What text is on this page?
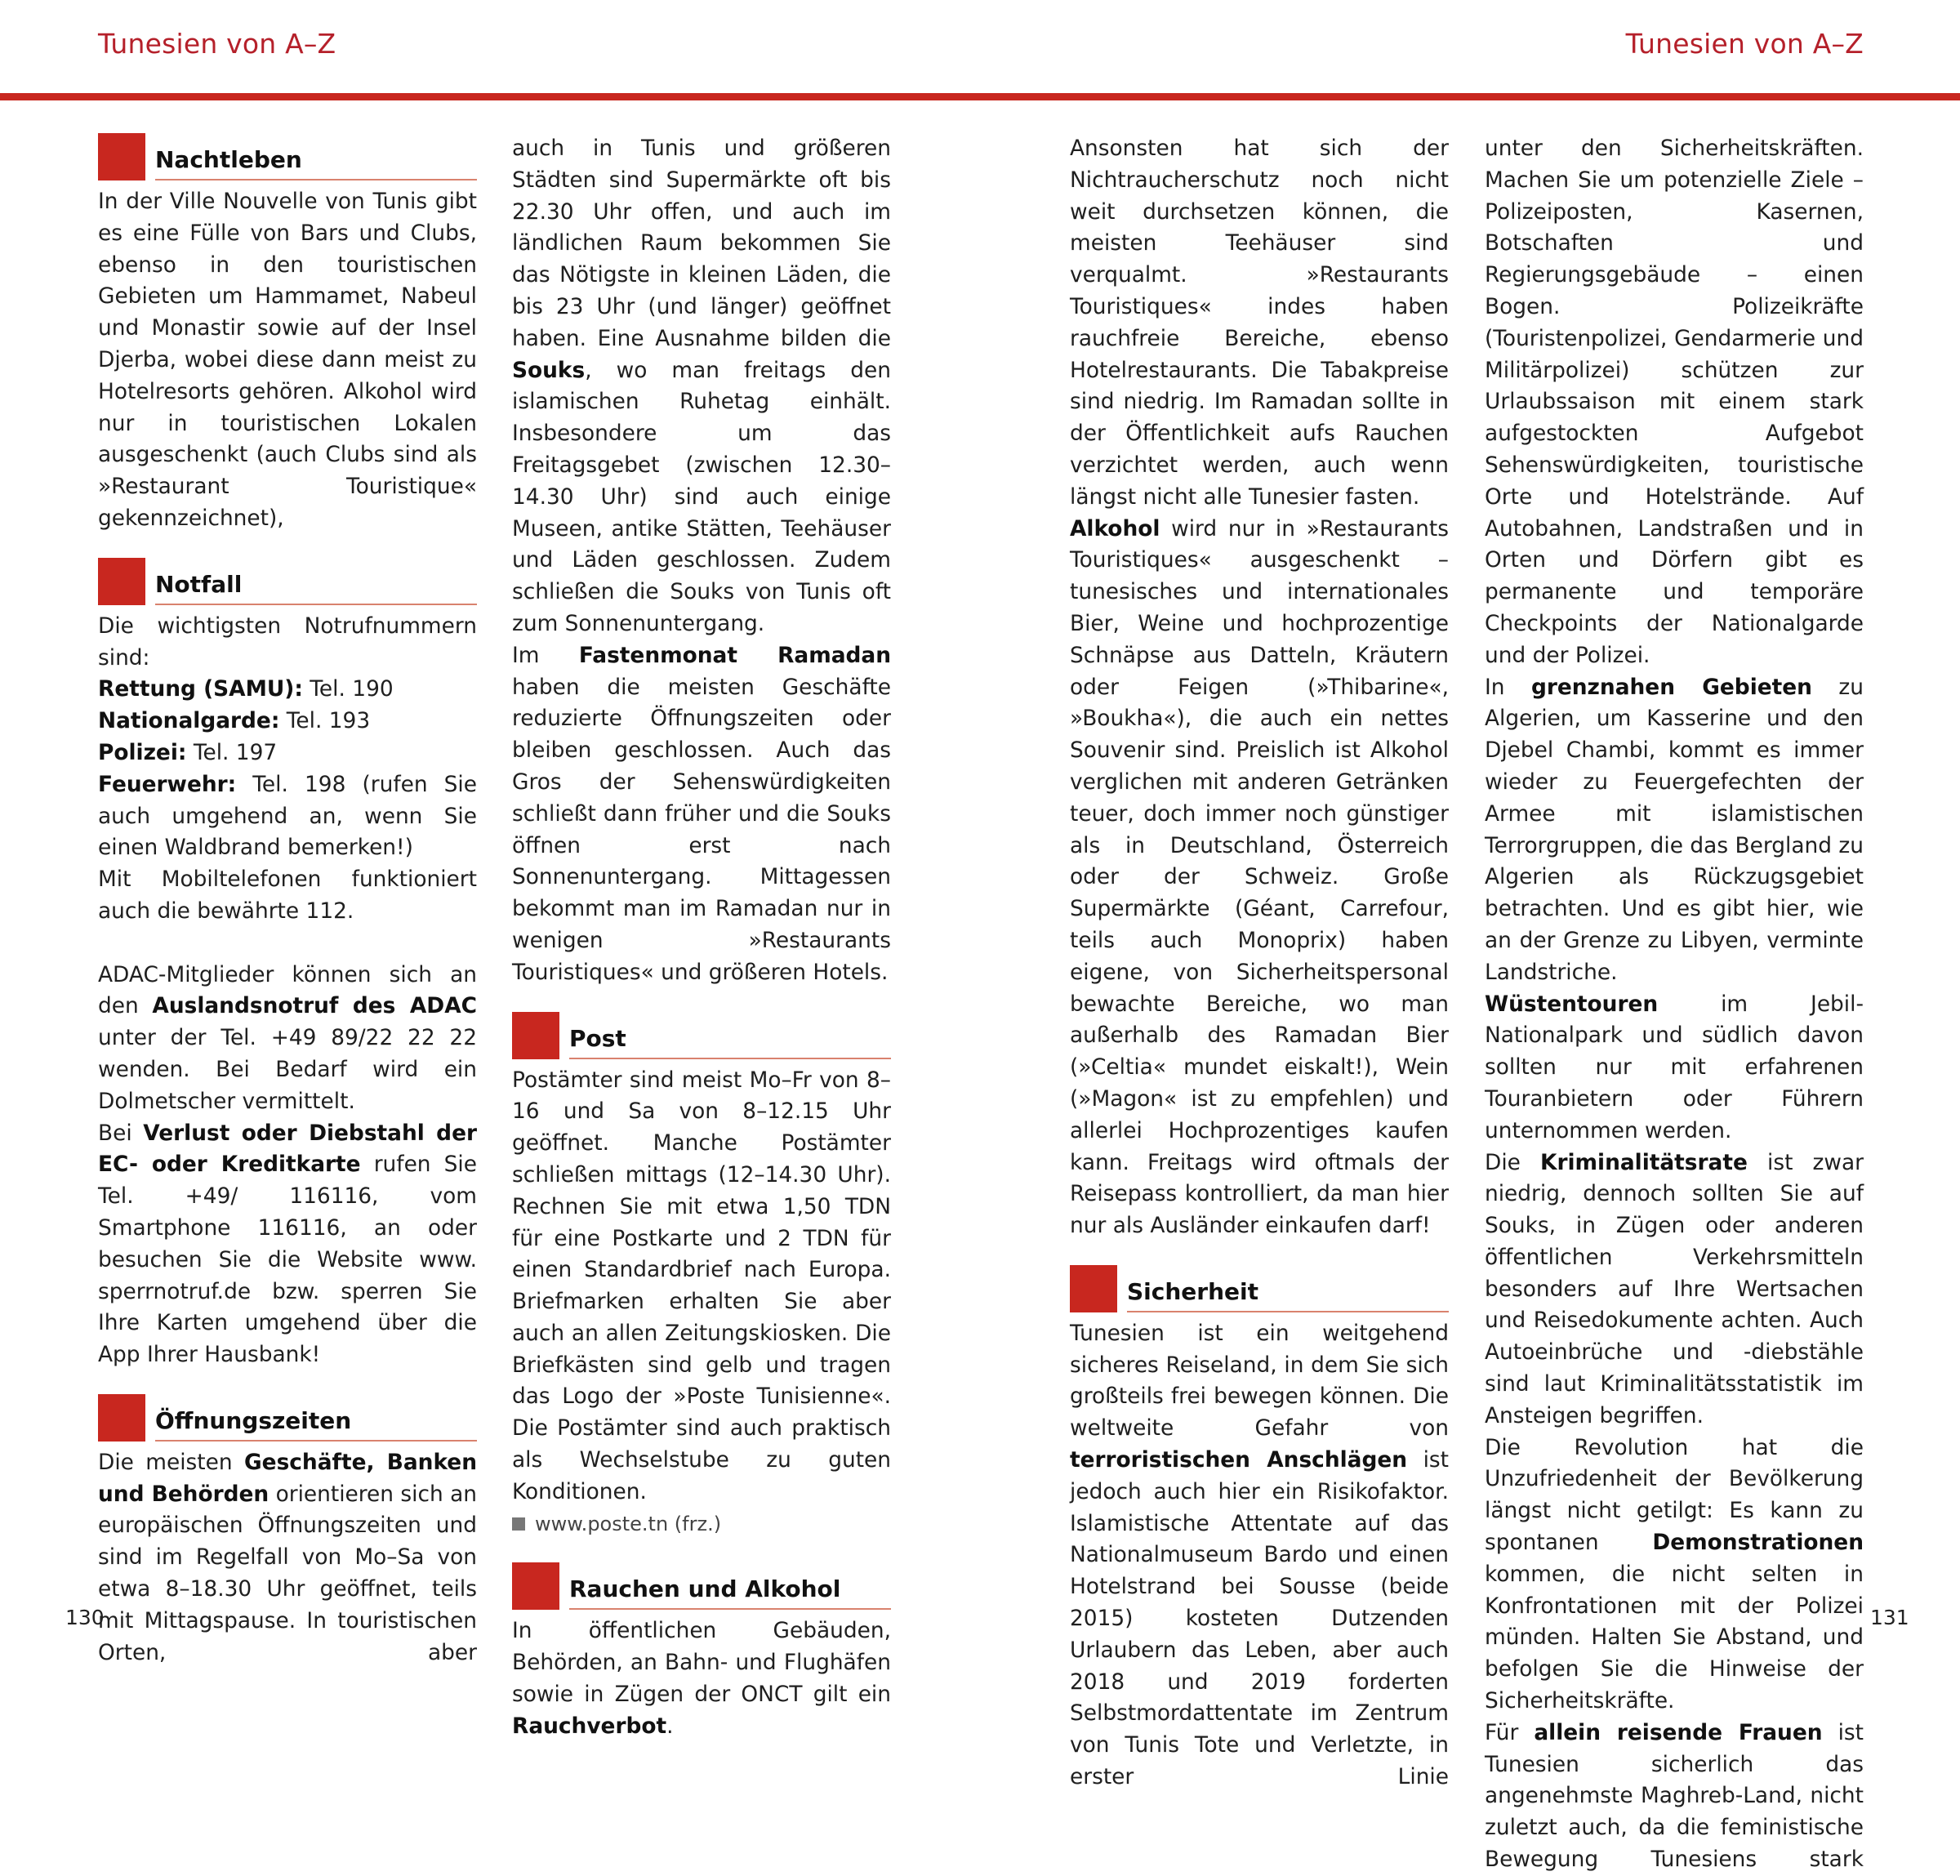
Tunesien von A–Z	Tunesien von A–Z
Nachtleben

In der Ville Nouvelle von Tunis gibt es eine Fülle von Bars und Clubs, ebenso in den touristischen Gebieten um Hammamet, Nabeul und Monastir sowie auf der Insel Djerba, wobei diese dann meist zu Hotelresorts gehören. Alkohol wird nur in touristischen Lokalen ausgeschenkt (auch Clubs sind als »Restaurant Touristique« gekennzeichnet),

Notfall

Die wichtigsten Notrufnummern sind:

Rettung (SAMU): Tel. 190

Nationalgarde: Tel. 193

Polizei: Tel. 197

Feuerwehr: Tel. 198 (rufen Sie auch umgehend an, wenn Sie einen Waldbrand bemerken!)

Mit Mobiltelefonen funktioniert auch die bewährte 112.

ADAC-Mitglieder können sich an den Auslandsnotruf des ADAC unter der Tel. +49 89/22 22 22 wenden. Bei Bedarf wird ein Dolmetscher vermittelt.

Bei Verlust oder Diebstahl der EC- oder Kreditkarte rufen Sie Tel. +49/ 116116, vom Smartphone 116116, an oder besuchen Sie die Website www. sperrnotruf.de bzw. sperren Sie Ihre Karten umgehend über die App Ihrer Hausbank!

Öffnungszeiten

Die meisten Geschäfte, Banken und Behörden orientieren sich an europäischen Öffnungszeiten und sind im Regelfall von Mo–Sa von etwa 8–18.30 Uhr geöffnet, teils mit Mittagspause. In touristischen Orten, aber

auch in Tunis und größeren Städten sind Supermärkte oft bis 22.30 Uhr offen, und auch im ländlichen Raum bekommen Sie das Nötigste in kleinen Läden, die bis 23 Uhr (und länger) geöffnet haben. Eine Ausnahme bilden die Souks, wo man freitags den islamischen Ruhetag einhält. Insbesondere um das Freitagsgebet (zwischen 12.30–14.30 Uhr) sind auch einige Museen, antike Stätten, Teehäuser und Läden geschlossen. Zudem schließen die Souks von Tunis oft zum Sonnenuntergang.

Im Fastenmonat Ramadan haben die meisten Geschäfte reduzierte Öffnungszeiten oder bleiben geschlossen. Auch das Gros der Sehenswürdigkeiten schließt dann früher und die Souks öffnen erst nach Sonnenuntergang. Mittagessen bekommt man im Ramadan nur in wenigen »Restaurants Touristiques« und größeren Hotels.

Post

Postämter sind meist Mo–Fr von 8–16 und Sa von 8–12.15 Uhr geöffnet. Manche Postämter schließen mittags (12–14.30 Uhr). Rechnen Sie mit etwa 1,50 TDN für eine Postkarte und 2 TDN für einen Standardbrief nach Europa. Briefmarken erhalten Sie aber auch an allen Zeitungskiosken. Die Briefkästen sind gelb und tragen das Logo der »Poste Tunisienne«. Die Postämter sind auch praktisch als Wechselstube zu guten Konditionen.

www.poste.tn (frz.)

Rauchen und Alkohol

In öffentlichen Gebäuden, Behörden, an Bahn- und Flughäfen sowie in Zügen der ONCT gilt ein Rauchverbot.

Ansonsten hat sich der Nichtraucherschutz noch nicht weit durchsetzen können, die meisten Teehäuser sind verqualmt. »Restaurants Touristiques« indes haben rauchfreie Bereiche, ebenso Hotelrestaurants. Die Tabakpreise sind niedrig. Im Ramadan sollte in der Öffentlichkeit aufs Rauchen verzichtet werden, auch wenn längst nicht alle Tunesier fasten.

Alkohol wird nur in »Restaurants Touristiques« ausgeschenkt – tunesisches und internationales Bier, Weine und hochprozentige Schnäpse aus Datteln, Kräutern oder Feigen (»Thibarine«, »Boukha«), die auch ein nettes Souvenir sind. Preislich ist Alkohol verglichen mit anderen Getränken teuer, doch immer noch günstiger als in Deutschland, Österreich oder der Schweiz. Große Supermärkte (Géant, Carrefour, teils auch Monoprix) haben eigene, von Sicherheitspersonal bewachte Bereiche, wo man außerhalb des Ramadan Bier (»Celtia« mundet eiskalt!), Wein (»Magon« ist zu empfehlen) und allerlei Hochprozentiges kaufen kann. Freitags wird oftmals der Reisepass kontrolliert, da man hier nur als Ausländer einkaufen darf!

Sicherheit

Tunesien ist ein weitgehend sicheres Reiseland, in dem Sie sich großteils frei bewegen können. Die weltweite Gefahr von terroristischen Anschlägen ist jedoch auch hier ein Risikofaktor. Islamistische Attentate auf das Nationalmuseum Bardo und einen Hotelstrand bei Sousse (beide 2015) kosteten Dutzenden Urlaubern das Leben, aber auch 2018 und 2019 forderten Selbstmordattentate im Zentrum von Tunis Tote und Verletzte, in erster Linie

unter den Sicherheitskräften. Machen Sie um potenzielle Ziele – Polizeiposten, Kasernen, Botschaften und Regierungsgebäude – einen Bogen. Polizeikräfte (Touristenpolizei, Gendarmerie und Militärpolizei) schützen zur Urlaubssaison mit einem stark aufgestockten Aufgebot Sehenswürdigkeiten, touristische Orte und Hotelstrände. Auf Autobahnen, Landstraßen und in Orten und Dörfern gibt es permanente und temporäre Checkpoints der Nationalgarde und der Polizei.

In grenznahen Gebieten zu Algerien, um Kasserine und den Djebel Chambi, kommt es immer wieder zu Feuergefechten der Armee mit islamistischen Terrorgruppen, die das Bergland zu Algerien als Rückzugsgebiet betrachten. Und es gibt hier, wie an der Grenze zu Libyen, verminte Landstriche.

Wüstentouren im Jebil-Nationalpark und südlich davon sollten nur mit erfahrenen Touranbietern oder Führern unternommen werden.

Die Kriminalitätsrate ist zwar niedrig, dennoch sollten Sie auf Souks, in Zügen oder anderen öffentlichen Verkehrsmitteln besonders auf Ihre Wertsachen und Reisedokumente achten. Auch Autoeinbrüche und -diebstähle sind laut Kriminalitätsstatistik im Ansteigen begriffen.

Die Revolution hat die Unzufriedenheit der Bevölkerung längst nicht getilgt: Es kann zu spontanen Demonstrationen kommen, die nicht selten in Konfrontationen mit der Polizei münden. Halten Sie Abstand, und befolgen Sie die Hinweise der Sicherheitskräfte.

Für allein reisende Frauen ist Tunesien sicherlich das angenehmste Maghreb-Land, nicht zuletzt auch, da die feministische Bewegung Tunesiens stark

130	131
